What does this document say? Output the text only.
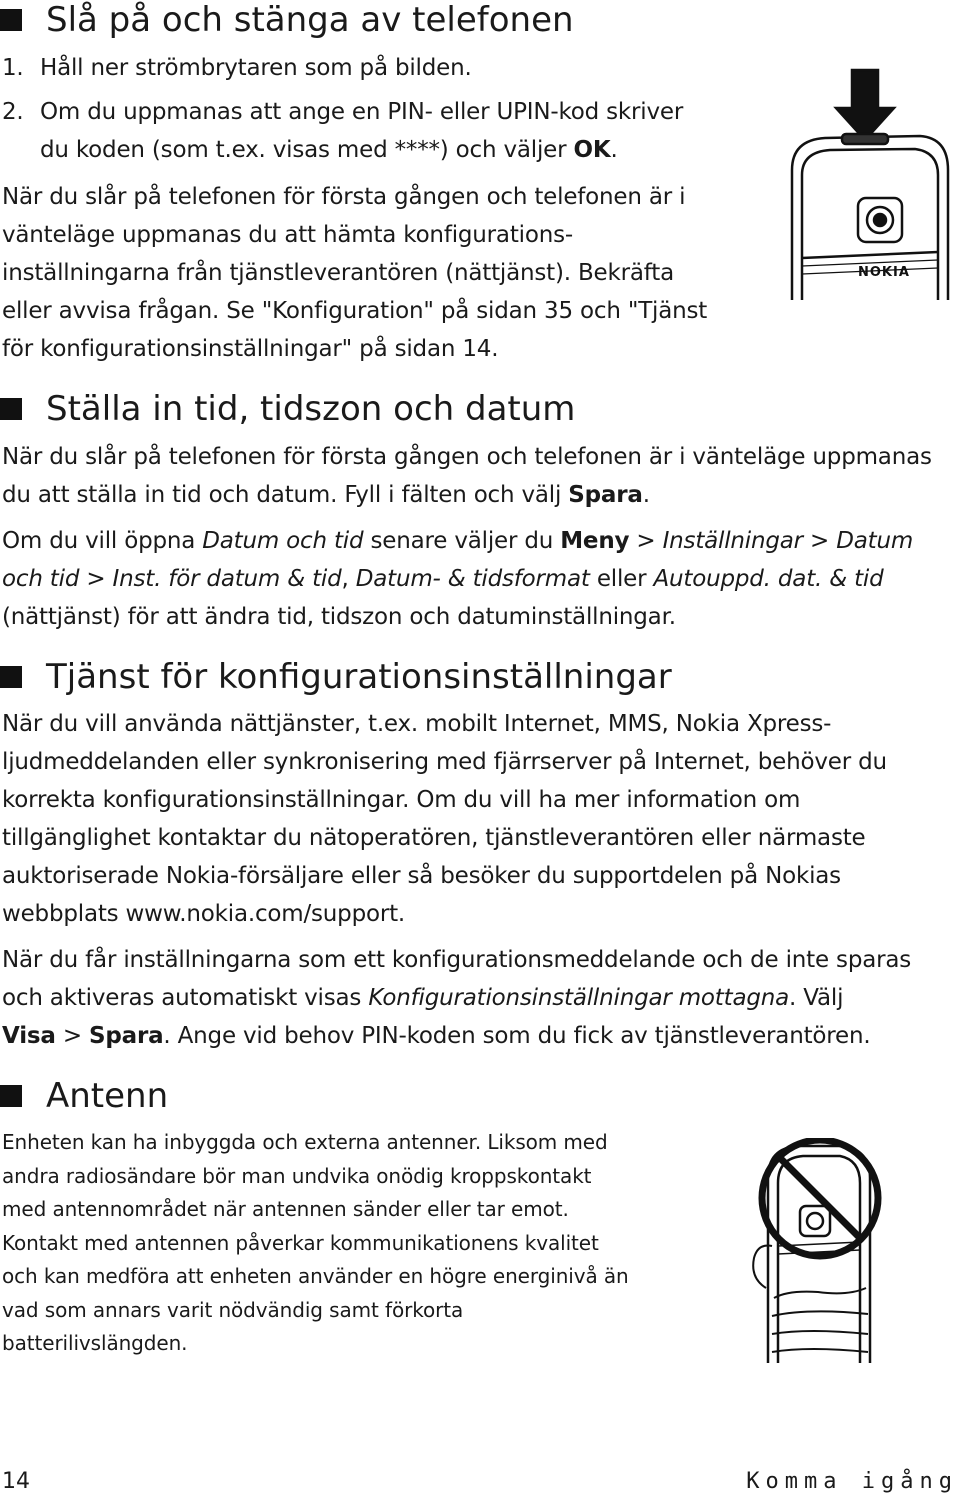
Slå på och stänga av telefonen
1. Håll ner strömbrytaren som på bilden.
2. Om du uppmanas att ange en PIN- eller UPIN-kod skriver
du koden (som t.ex. visas med ****) och väljer OK.

När du slår på telefonen för första gången och telefonen är i
vänteläge uppmanas du att hämta konfigurations-
inställningarna från tjänstleverantören (nättjänst). Bekräfta
eller avvisa frågan. Se "Konfiguration" på sidan 35 och "Tjänst
för konfigurationsinställningar" på sidan 14.

NOKIA
Ställa in tid, tidszon och datum

När du slår på telefonen för första gången och telefonen är i vänteläge uppmanas
du att ställa in tid och datum. Fyll i fälten och välj Spara.

Om du vill öppna Datum och tid senare väljer du Meny > Inställningar > Datum
och tid > Inst. för datum & tid, Datum- & tidsformat eller Autouppd. dat. & tid
(nättjänst) för att ändra tid, tidszon och datuminställningar.

Tjänst för konfigurationsinställningar

När du vill använda nättjänster, t.ex. mobilt Internet, MMS, Nokia Xpress-
ljudmeddelanden eller synkronisering med fjärrserver på Internet, behöver du
korrekta konfigurationsinställningar. Om du vill ha mer information om
tillgänglighet kontaktar du nätoperatören, tjänstleverantören eller närmaste
auktoriserade Nokia-försäljare eller så besöker du supportdelen på Nokias
webbplats www.nokia.com/support.

När du får inställningarna som ett konfigurationsmeddelande och de inte sparas
och aktiveras automatiskt visas Konfigurationsinställningar mottagna. Välj
Visa > Spara. Ange vid behov PIN-koden som du fick av tjänstleverantören.

Antenn

Enheten kan ha inbyggda och externa antenner. Liksom med
andra radiosändare bör man undvika onödig kroppskontakt
med antennområdet när antennen sänder eller tar emot.
Kontakt med antennen påverkar kommunikationens kvalitet
och kan medföra att enheten använder en högre energinivå än
vad som annars varit nödvändig samt förkorta
batterilivslängden.

14	Komma igång
